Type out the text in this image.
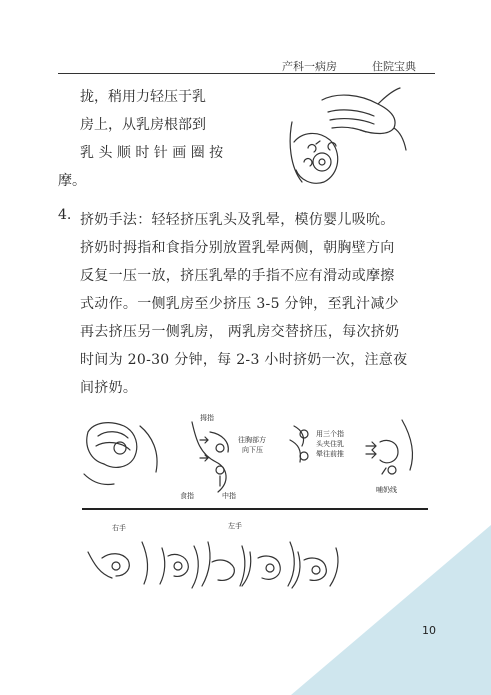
产科一病房	住院宝典
拢，稍用力轻压于乳
房上，从乳房根部到
乳 头 顺 时 针 画 圈 按
摩。
4. 挤奶手法：轻轻挤压乳头及乳晕，模仿婴儿吸吮。
挤奶时拇指和食指分别放置乳晕两侧，朝胸壁方向
反复一压一放，挤压乳晕的手指不应有滑动或摩擦
式动作。一侧乳房至少挤压 3-5 分钟，至乳汁减少
再去挤压另一侧乳房， 两乳房交替挤压，每次挤奶
时间为 20-30 分钟，每 2-3 小时挤奶一次，注意夜
间挤奶。
拇指
往胸部方
向下压
食指	中指
用三个指
头夹住乳
晕往前推
哺奶线
右手	左手
10
